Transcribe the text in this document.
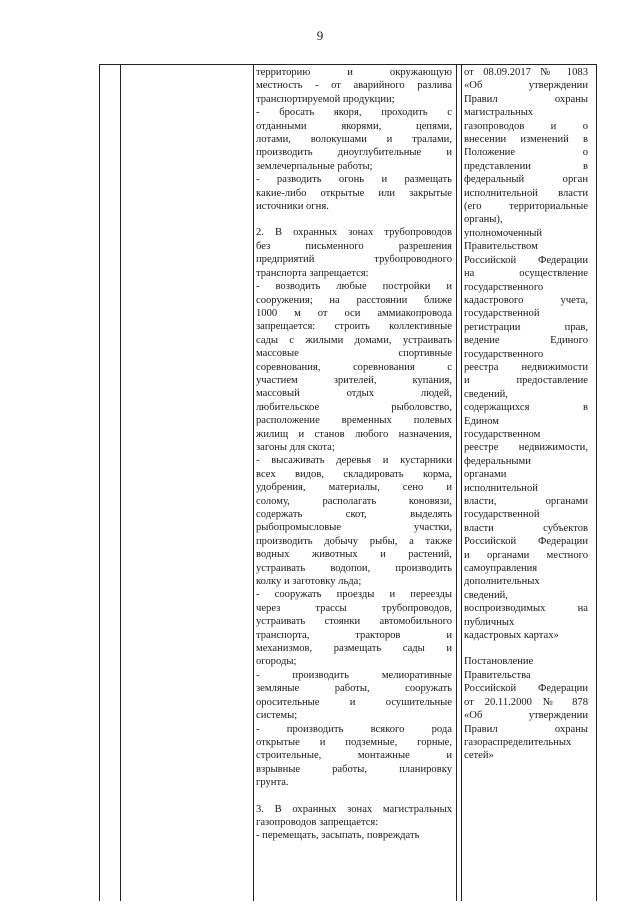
9
территорию и окружающую
местность - от аварийного разлива
транспортируемой продукции;
- бросать якоря, проходить с
отданными якорями, цепями,
лотами, волокушами и тралами,
производить дноуглубительные и
землечерпальные работы;
- разводить огонь и размещать
какие-либо открытые или закрытые
источники огня.
2. В охранных зонах трубопроводов
без письменного разрешения
предприятий трубопроводного
транспорта запрещается:
- возводить любые постройки и
сооружения; на расстоянии ближе
1000 м от оси аммиакопровода
запрещается: строить коллективные
сады с жилыми домами, устраивать
массовые спортивные
соревнования, соревнования с
участием зрителей, купания,
массовый отдых людей,
любительское рыболовство,
расположение временных полевых
жилищ и станов любого назначения,
загоны для скота;
- высаживать деревья и кустарники
всех видов, складировать корма,
удобрения, материалы, сено и
солому, располагать коновязи,
содержать скот, выделять
рыбопромысловые участки,
производить добычу рыбы, а также
водных животных и растений,
устраивать водопои, производить
колку и заготовку льда;
- сооружать проезды и переезды
через трассы трубопроводов,
устраивать стоянки автомобильного
транспорта, тракторов и
механизмов, размещать сады и
огороды;
- производить мелиоративные
земляные работы, сооружать
оросительные и осушительные
системы;
- производить всякого рода
открытые и подземные, горные,
строительные, монтажные и
взрывные работы, планировку
грунта.
3. В охранных зонах магистральных
газопроводов запрещается:
- перемещать, засыпать, повреждать
от 08.09.2017 № 1083
«Об утверждении
Правил охраны
магистральных
газопроводов и о
внесении изменений в
Положение о
представлении в
федеральный орган
исполнительной власти
(его территориальные
органы),
уполномоченный
Правительством
Российской Федерации
на осуществление
государственного
кадастрового учета,
государственной
регистрации прав,
ведение Единого
государственного
реестра недвижимости
и предоставление
сведений,
содержащихся в
Едином
государственном
реестре недвижимости,
федеральными
органами
исполнительной
власти, органами
государственной
власти субъектов
Российской Федерации
и органами местного
самоуправления
дополнительных
сведений,
воспроизводимых на
публичных
кадастровых картах»
Постановление
Правительства
Российской Федерации
от 20.11.2000 № 878
«Об утверждении
Правил охраны
газораспределительных
сетей»
